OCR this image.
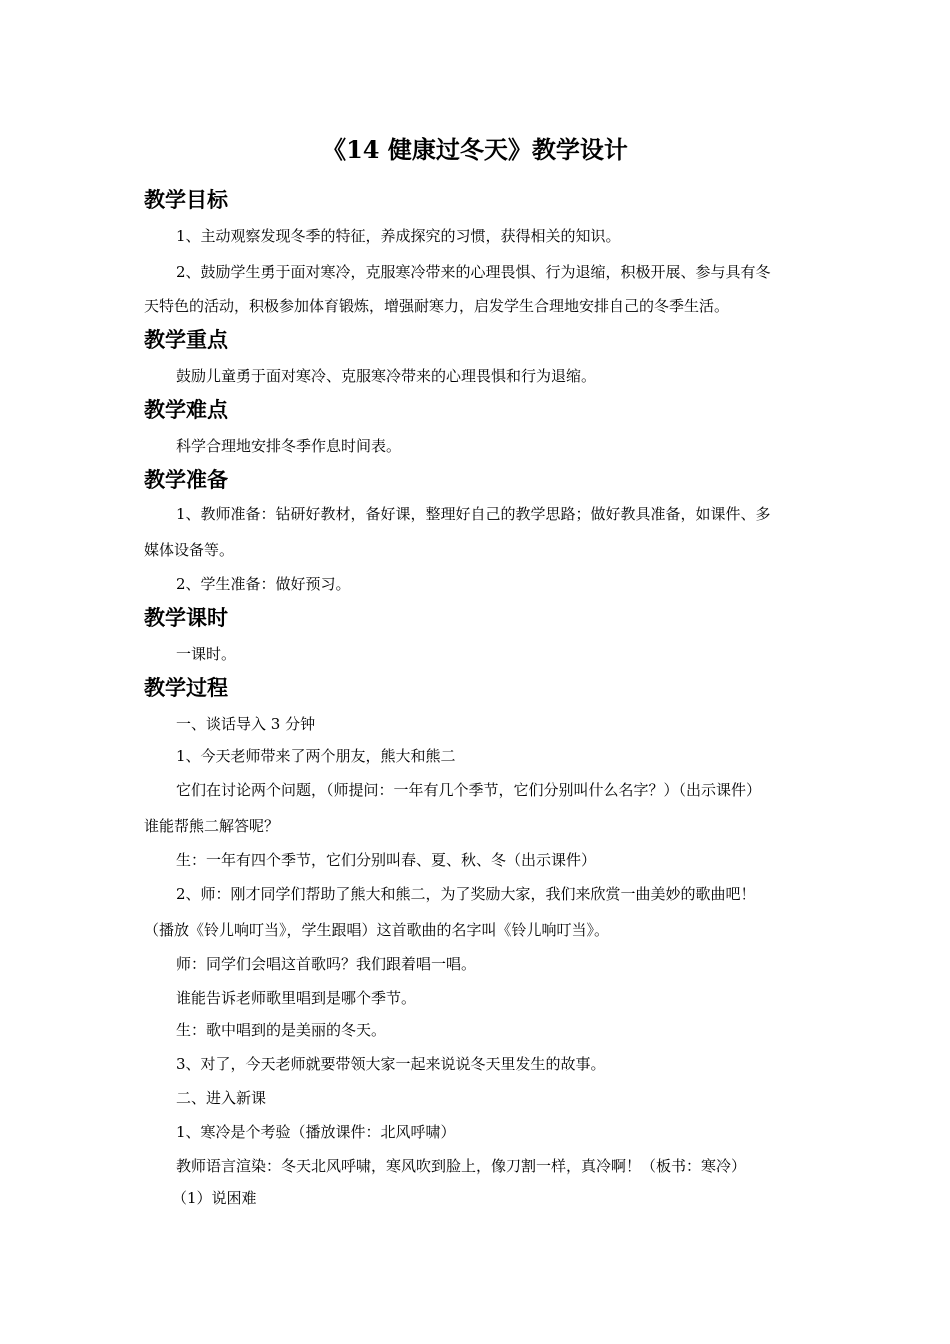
《14 健康过冬天》教学设计
教学目标
1、主动观察发现冬季的特征，养成探究的习惯，获得相关的知识。
2、鼓励学生勇于面对寒冷，克服寒冷带来的心理畏惧、行为退缩，积极开展、参与具有冬
天特色的活动，积极参加体育锻炼，增强耐寒力，启发学生合理地安排自己的冬季生活。
教学重点
鼓励儿童勇于面对寒冷、克服寒冷带来的心理畏惧和行为退缩。
教学难点
科学合理地安排冬季作息时间表。
教学准备
1、教师准备：钻研好教材，备好课，整理好自己的教学思路；做好教具准备，如课件、多
媒体设备等。
2、学生准备：做好预习。
教学课时
一课时。
教学过程
一、谈话导入 3 分钟
1、今天老师带来了两个朋友，熊大和熊二
它们在讨论两个问题，（师提问：一年有几个季节，它们分别叫什么名字？）（出示课件）
谁能帮熊二解答呢？
生：一年有四个季节，它们分别叫春、夏、秋、冬（出示课件）
2、师：刚才同学们帮助了熊大和熊二，为了奖励大家，我们来欣赏一曲美妙的歌曲吧！
（播放《铃儿响叮当》，学生跟唱）这首歌曲的名字叫《铃儿响叮当》。
师：同学们会唱这首歌吗？我们跟着唱一唱。
谁能告诉老师歌里唱到是哪个季节。
生：歌中唱到的是美丽的冬天。
3、对了，今天老师就要带领大家一起来说说冬天里发生的故事。
二、进入新课
1、寒冷是个考验（播放课件：北风呼啸）
教师语言渲染：冬天北风呼啸，寒风吹到脸上，像刀割一样，真冷啊！（板书：寒冷）
（1）说困难
